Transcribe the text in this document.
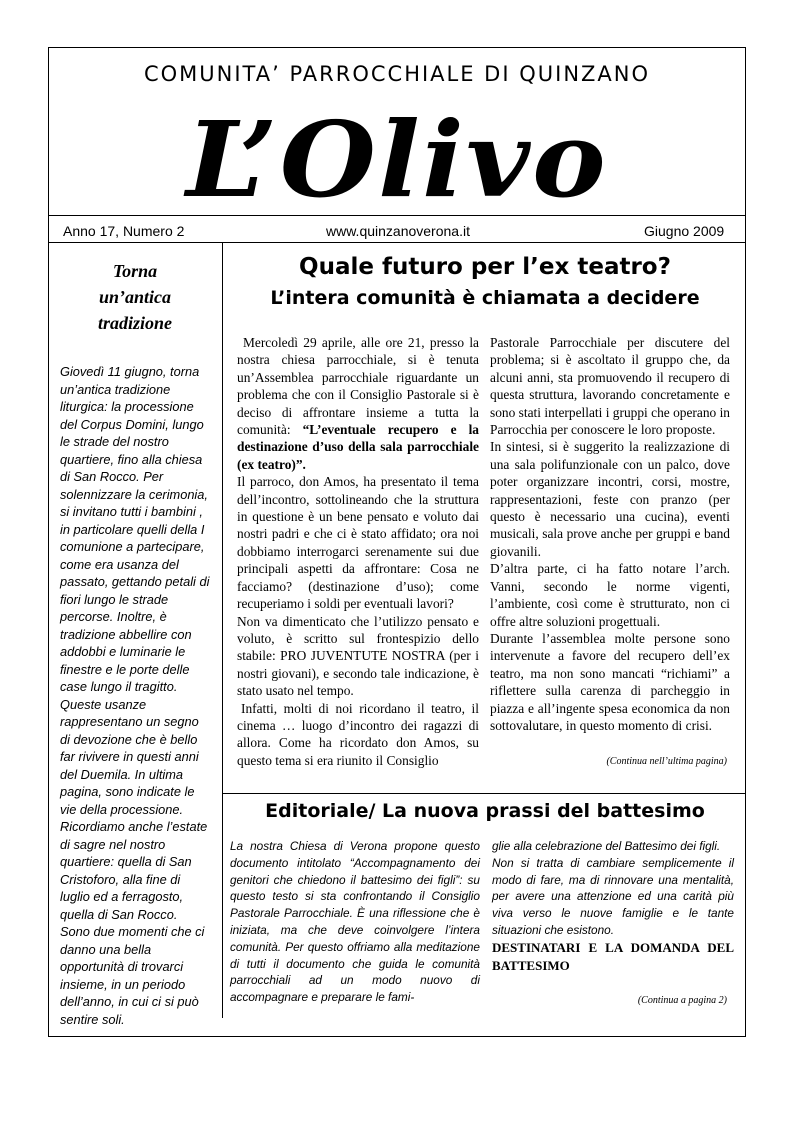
COMUNITA’ PARROCCHIALE DI QUINZANO
L’Olivo
Anno 17, Numero 2	www.quinzanoverona.it	Giugno 2009
Torna
un’antica
tradizione

Giovedì 11 giugno, torna un’antica tradizione liturgica: la processione del Corpus Domini, lungo le strade del nostro quartiere, fino alla chiesa di San Rocco. Per solennizzare la cerimonia, si invitano tutti i bambini , in particolare quelli della I comunione a partecipare, come era usanza del passato, gettando petali di fiori lungo le strade percorse. Inoltre, è tradizione abbellire con addobbi e luminarie le finestre e le porte delle case lungo il tragitto. Queste usanze rappresentano un segno di devozione che è bello far rivivere in questi anni del Duemila. In ultima pagina, sono indicate le vie della processione. Ricordiamo anche l’estate di sagre nel nostro quartiere: quella di San Cristoforo, alla fine di luglio ed a ferragosto, quella di San Rocco. Sono due momenti che ci danno una bella opportunità di trovarci insieme, in un periodo dell’anno, in cui ci si può sentire soli.

Quale futuro per l’ex teatro?
L’intera comunità è chiamata a decidere

Mercoledì 29 aprile, alle ore 21, presso la nostra chiesa parrocchiale, si è tenuta un’Assemblea parrocchiale riguardante un problema che con il Consiglio Pastorale si è deciso di affrontare insieme a tutta la comunità: “L’eventuale recupero e la destinazione d’uso della sala parrocchiale (ex teatro)”.

Il parroco, don Amos, ha presentato il tema dell’incontro, sottolineando che la struttura in questione è un bene pensato e voluto dai nostri padri e che ci è stato affidato; ora noi dobbiamo interrogarci serenamente sui due principali aspetti da affrontare: Cosa ne facciamo? (destinazione d’uso); come recuperiamo i soldi per eventuali lavori?

Non va dimenticato che l’utilizzo pensato e voluto, è scritto sul frontespizio dello stabile: PRO JUVENTUTE NOSTRA (per i nostri giovani), e secondo tale indicazione, è stato usato nel tempo.

Infatti, molti di noi ricordano il teatro, il cinema … luogo d’incontro dei ragazzi di allora. Come ha ricordato don Amos, su questo tema si era riunito il Consiglio

Pastorale Parrocchiale per discutere del problema; si è ascoltato il gruppo che, da alcuni anni, sta promuovendo il recupero di questa struttura, lavorando concretamente e sono stati interpellati i gruppi che operano in Parrocchia per conoscere le loro proposte.

In sintesi, si è suggerito la realizzazione di una sala polifunzionale con un palco, dove poter organizzare incontri, corsi, mostre, rappresentazioni, feste con pranzo (per questo è necessario una cucina), eventi musicali, sala prove anche per gruppi e band giovanili.

D’altra parte, ci ha fatto notare l’arch. Vanni, secondo le norme vigenti, l’ambiente, così come è strutturato, non ci offre altre soluzioni progettuali.

Durante l’assemblea molte persone sono intervenute a favore del recupero dell’ex teatro, ma non sono mancati “richiami” a riflettere sulla carenza di parcheggio in piazza e all’ingente spesa economica da non sottovalutare, in questo momento di crisi.

(Continua nell’ultima pagina)
Editoriale/ La nuova prassi del battesimo

La nostra Chiesa di Verona propone questo documento intitolato “Accompagnamento dei genitori che chiedono il battesimo dei figli”: su questo testo si sta confrontando il Consiglio Pastorale Parrocchiale. È una riflessione che è iniziata, ma che deve coinvolgere l’intera comunità. Per questo offriamo alla meditazione di tutti il documento che guida le comunità parrocchiali ad un modo nuovo di accompagnare e preparare le fami-

glie alla celebrazione del Battesimo dei figli.

Non si tratta di cambiare semplicemente il modo di fare, ma di rinnovare una mentalità, per avere una attenzione ed una carità più viva verso le nuove famiglie e le tante situazioni che esistono.

DESTINATARI E LA DOMANDA DEL BATTESIMO

(Continua a pagina 2)
